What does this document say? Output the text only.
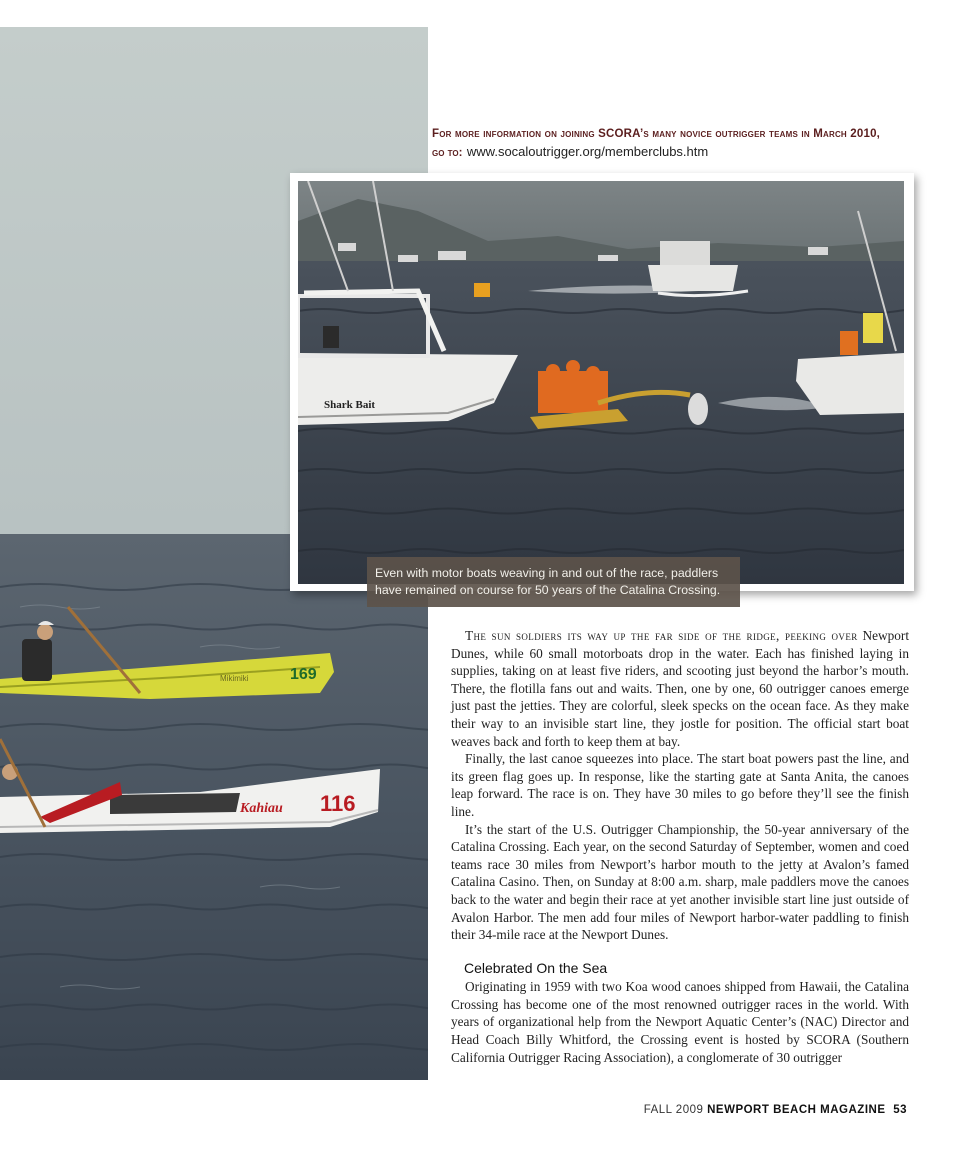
169
Mikimiki
116
Kahiau
For more information on joining SCORA’s many novice outrigger teams in March 2010,
go to: www.socaloutrigger.org/memberclubs.htm
Shark Bait
Even with motor boats weaving in and out of the race, paddlers have remained on course for 50 years of the Catalina Crossing.

The sun soldiers its way up the far side of the ridge, peeking over Newport Dunes, while 60 small motorboats drop in the water. Each has finished laying in supplies, taking on at least five riders, and scooting just beyond the harbor’s mouth. There, the flotilla fans out and waits. Then, one by one, 60 outrigger canoes emerge just past the jetties. They are colorful, sleek specks on the ocean face. As they make their way to an invisible start line, they jostle for position. The official start boat weaves back and forth to keep them at bay.

Finally, the last canoe squeezes into place. The start boat powers past the line, and its green flag goes up. In response, like the starting gate at Santa Anita, the canoes leap forward. The race is on. They have 30 miles to go before they’ll see the finish line.

It’s the start of the U.S. Outrigger Championship, the 50-year anniversary of the Catalina Crossing. Each year, on the second Saturday of September, women and coed teams race 30 miles from Newport’s harbor mouth to the jetty at Avalon’s famed Catalina Casino. Then, on Sunday at 8:00 a.m. sharp, male paddlers move the canoes back to the water and begin their race at yet another invisible start line just outside of Avalon Harbor. The men add four miles of Newport harbor-water paddling to finish their 34-mile race at the Newport Dunes.

Celebrated On the Sea

Originating in 1959 with two Koa wood canoes shipped from Hawaii, the Catalina Crossing has become one of the most renowned outrigger races in the world. With years of organizational help from the Newport Aquatic Center’s (NAC) Director and Head Coach Billy Whitford, the Crossing event is hosted by SCORA (Southern California Outrigger Racing Association), a conglomerate of 30 outrigger

FALL 2009 NEWPORT BEACH MAGAZINE 53
